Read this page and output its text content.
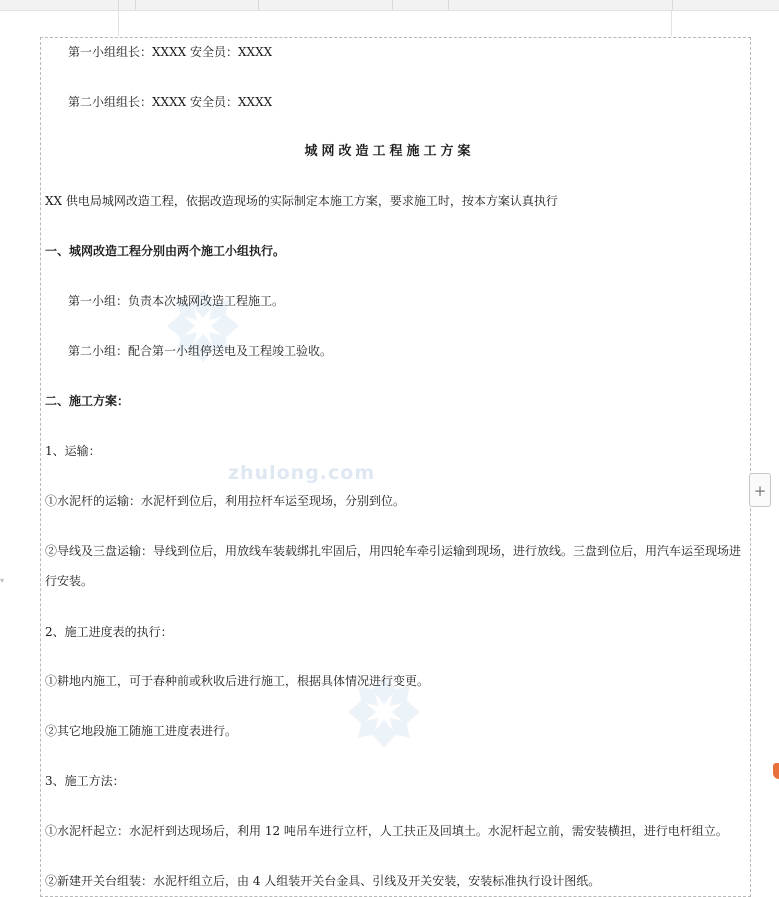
zhulong.com
第一小组组长：XXXX 安全员：XXXX
第二小组组长：XXXX 安全员：XXXX
城网改造工程施工方案
XX 供电局城网改造工程，依据改造现场的实际制定本施工方案，要求施工时，按本方案认真执行
一、城网改造工程分别由两个施工小组执行。
第一小组：负责本次城网改造工程施工。
第二小组：配合第一小组停送电及工程竣工验收。
二、施工方案：
1、运输：
①水泥杆的运输：水泥杆到位后，利用拉杆车运至现场，分别到位。
②导线及三盘运输：导线到位后，用放线车装载绑扎牢固后，用四轮车牵引运输到现场，进行放线。三盘到位后，用汽车运至现场进
行安装。
2、施工进度表的执行：
①耕地内施工，可于春种前或秋收后进行施工，根据具体情况进行变更。
②其它地段施工随施工进度表进行。
3、施工方法：
①水泥杆起立：水泥杆到达现场后，利用 12 吨吊车进行立杆，人工扶正及回填土。水泥杆起立前，需安装横担，进行电杆组立。
②新建开关台组装：水泥杆组立后，由 4 人组装开关台金具、引线及开关安装，安装标准执行设计图纸。
+
▾
